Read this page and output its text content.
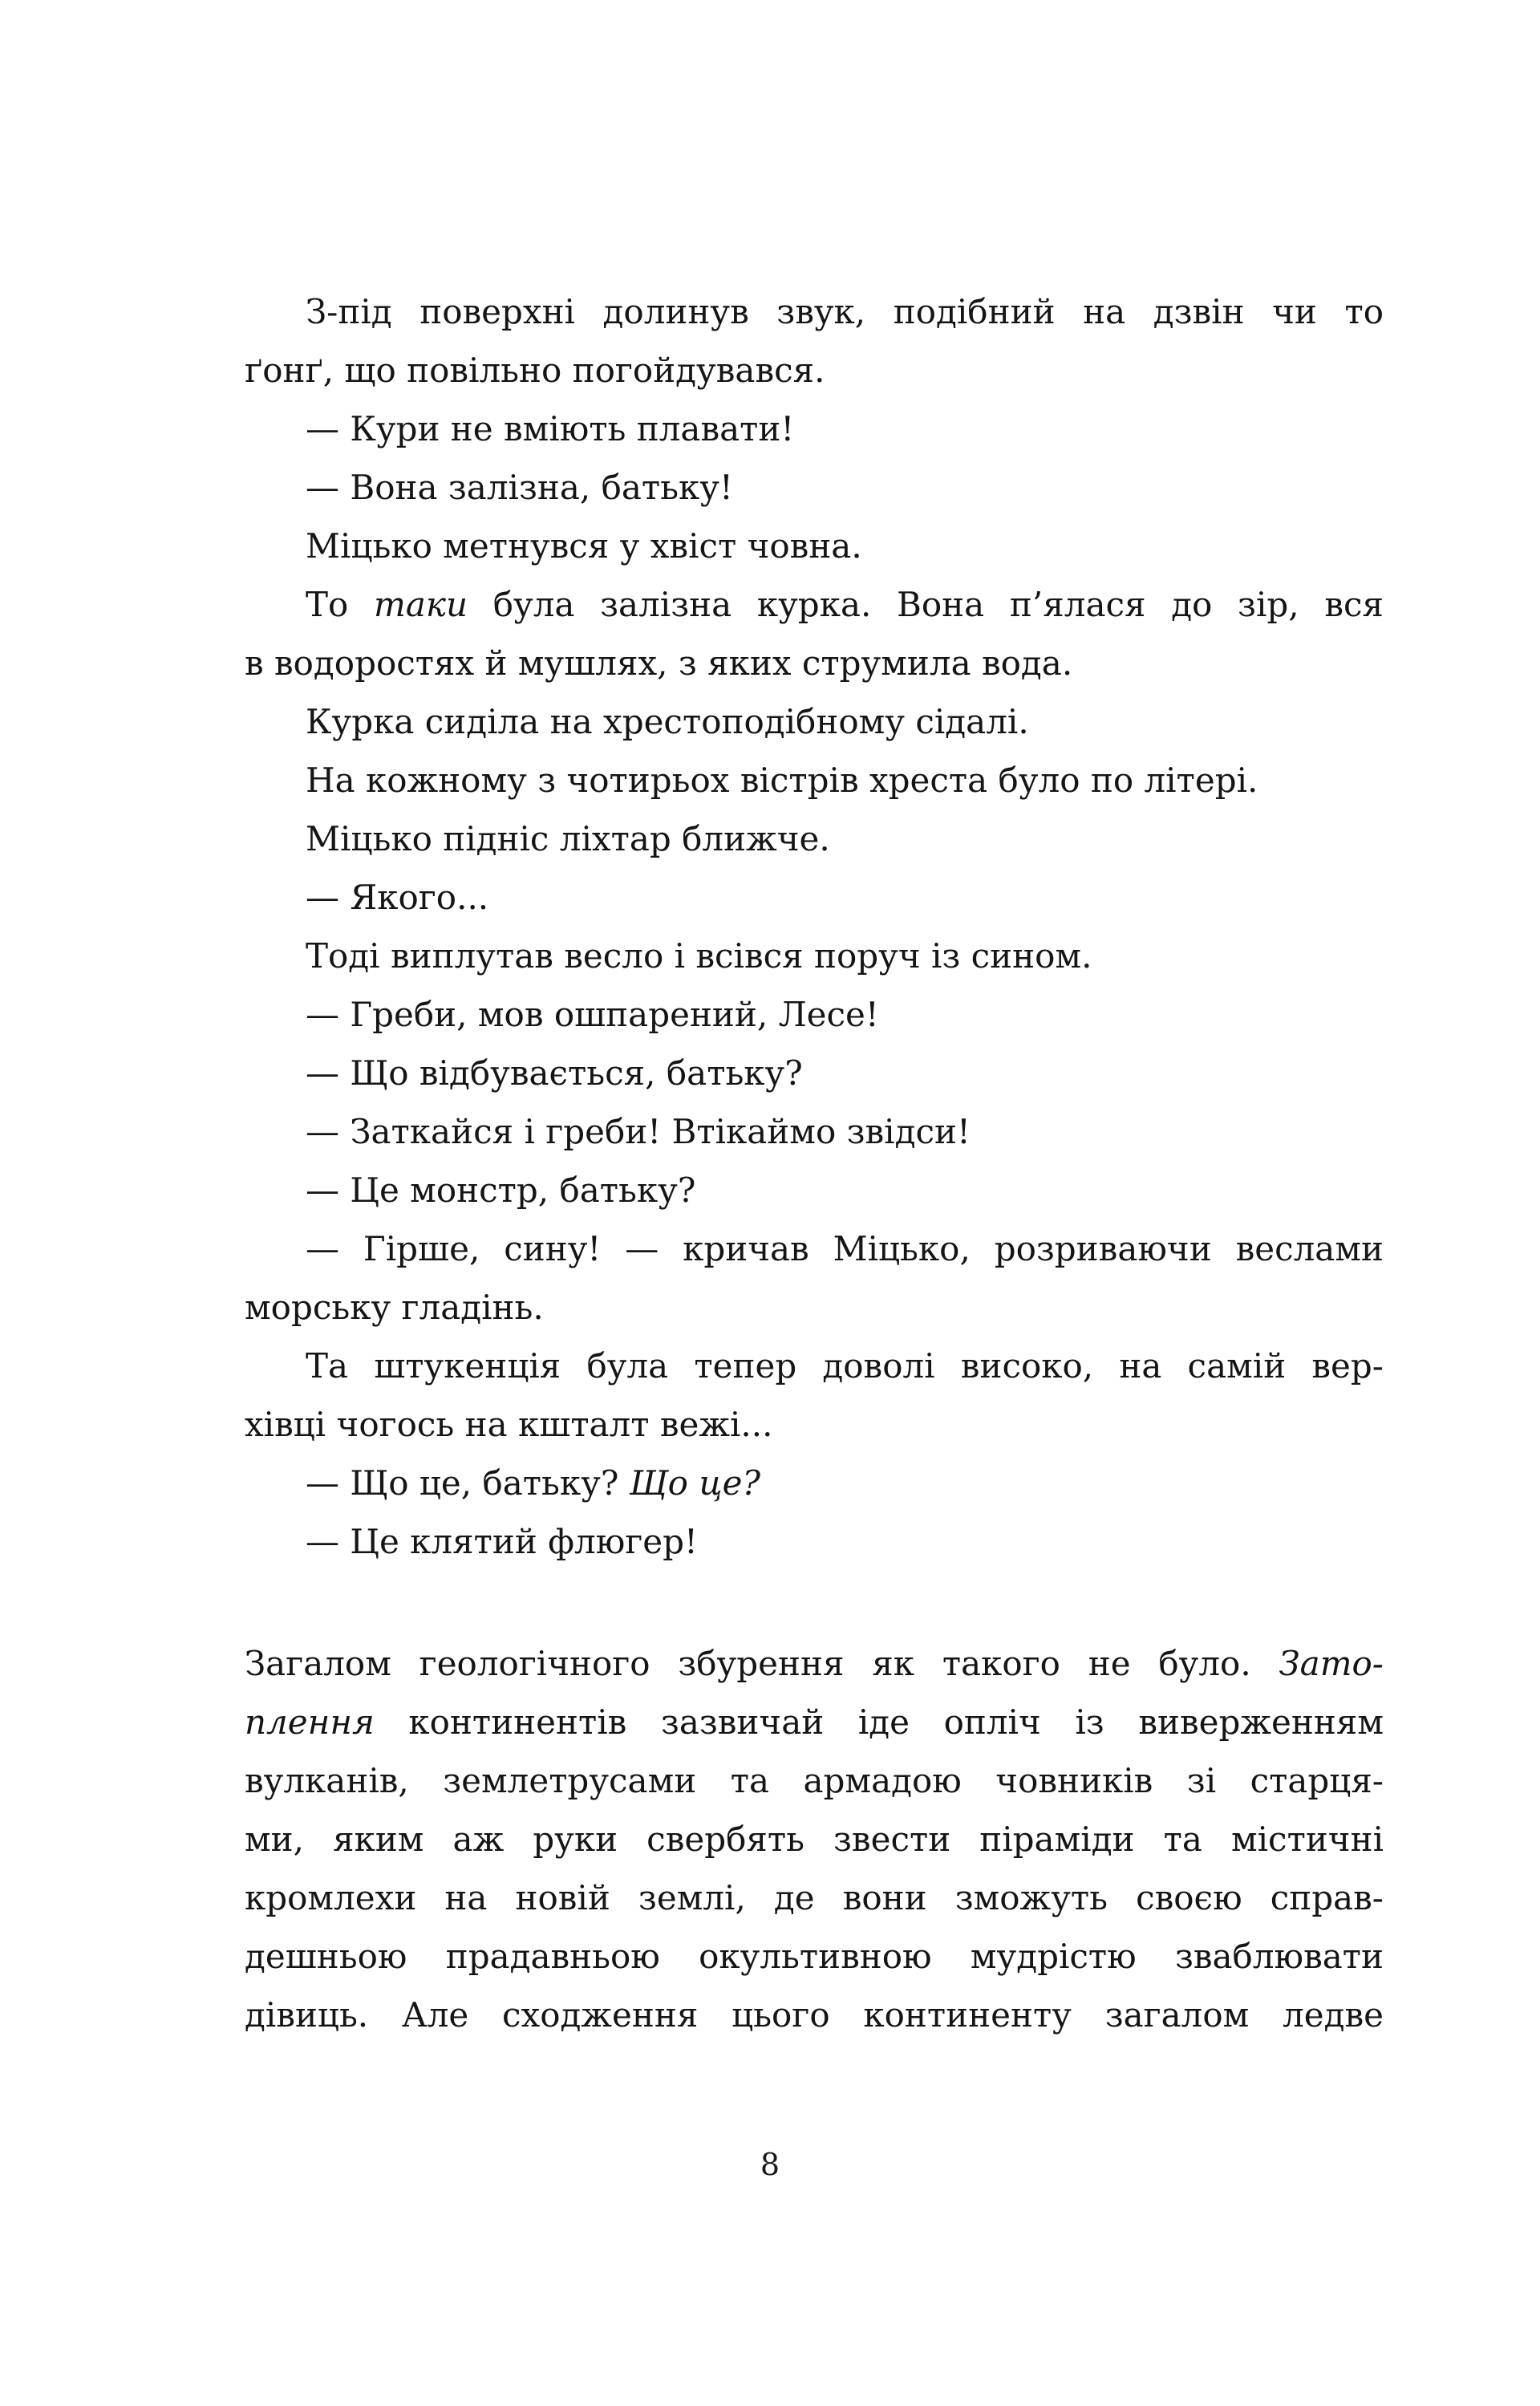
З-під поверхні долинув звук, подібний на дзвін чи то
ґонґ, що повільно погойдувався.
— Кури не вміють плавати!
— Вона залізна, батьку!
Міцько метнувся у хвіст човна.
То таки була залізна курка. Вона п’ялася до зір, вся
в водоростях й мушлях, з яких струмила вода.
Курка сиділа на хрестоподібному сідалі.
На кожному з чотирьох вістрів хреста було по літері.
Міцько підніс ліхтар ближче.
— Якого...
Тоді виплутав весло і всівся поруч із сином.
— Греби, мов ошпарений, Лесе!
— Що відбувається, батьку?
— Заткайся і греби! Втікаймо звідси!
— Це монстр, батьку?
— Гірше, сину! — кричав Міцько, розриваючи веслами
морську гладінь.
Та штукенція була тепер доволі високо, на самій вер-
хівці чогось на кшталт вежі...
— Що це, батьку? Що це?
— Це клятий флюгер!
Загалом геологічного збурення як такого не було. Зато-
плення континентів зазвичай іде опліч із виверженням
вулканів, землетрусами та армадою човників зі старця-
ми, яким аж руки свербять звести піраміди та містичні
кромлехи на новій землі, де вони зможуть своєю справ-
дешньою прадавньою окультивною мудрістю зваблювати
дівиць. Але сходження цього континенту загалом ледве
8
